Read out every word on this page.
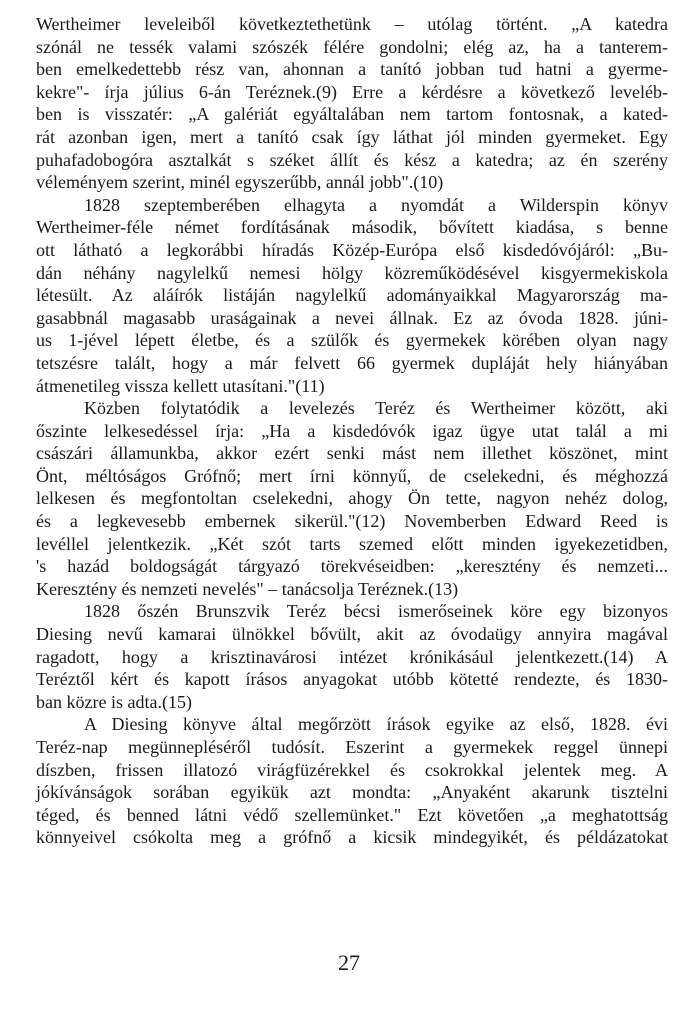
Wertheimer leveleiből következtethetünk – utólag történt. „A katedra
szónál ne tessék valami szószék félére gondolni; elég az, ha a tanterem-
ben emelkedettebb rész van, ahonnan a tanító jobban tud hatni a gyerme-
kekre"- írja július 6-án Teréznek.(9) Erre a kérdésre a következő leveléb-
ben is visszatér: „A galériát egyáltalában nem tartom fontosnak, a kated-
rát azonban igen, mert a tanító csak így láthat jól minden gyermeket. Egy
puhafadobogóra asztalkát s széket állít és kész a katedra; az én szerény
véleményem szerint, minél egyszerűbb, annál jobb".(10)
1828 szeptemberében elhagyta a nyomdát a Wilderspin könyv
Wertheimer-féle német fordításának második, bővített kiadása, s benne
ott látható a legkorábbi híradás Közép-Európa első kisdedóvójáról: „Bu-
dán néhány nagylelkű nemesi hölgy közreműködésével kisgyermekiskola
létesült. Az aláírók listáján nagylelkű adományaikkal Magyarország ma-
gasabbnál magasabb uraságainak a nevei állnak. Ez az óvoda 1828. júni-
us 1-jével lépett életbe, és a szülők és gyermekek körében olyan nagy
tetszésre talált, hogy a már felvett 66 gyermek dupláját hely hiányában
átmenetileg vissza kellett utasítani."(11)
Közben folytatódik a levelezés Teréz és Wertheimer között, aki
őszinte lelkesedéssel írja: „Ha a kisdedóvók igaz ügye utat talál a mi
császári államunkba, akkor ezért senki mást nem illethet köszönet, mint
Önt, méltóságos Grófnő; mert írni könnyű, de cselekedni, és méghozzá
lelkesen és megfontoltan cselekedni, ahogy Ön tette, nagyon nehéz dolog,
és a legkevesebb embernek sikerül."(12) Novemberben Edward Reed is
levéllel jelentkezik. „Két szót tarts szemed előtt minden igyekezetidben,
's hazád boldogságát tárgyazó törekvéseidben: „keresztény és nemzeti...
Keresztény és nemzeti nevelés" – tanácsolja Teréznek.(13)
1828 őszén Brunszvik Teréz bécsi ismerőseinek köre egy bizonyos
Diesing nevű kamarai ülnökkel bővült, akit az óvodaügy annyira magával
ragadott, hogy a krisztinavárosi intézet krónikásául jelentkezett.(14) A
Teréztől kért és kapott írásos anyagokat utóbb kötetté rendezte, és 1830-
ban közre is adta.(15)
A Diesing könyve által megőrzött írások egyike az első, 1828. évi
Teréz-nap megünnepléséről tudósít. Eszerint a gyermekek reggel ünnepi
díszben, frissen illatozó virágfüzérekkel és csokrokkal jelentek meg. A
jókívánságok sorában egyikük azt mondta: „Anyaként akarunk tisztelni
téged, és benned látni védő szellemünket." Ezt követően „a meghatottság
könnyeivel csókolta meg a grófnő a kicsik mindegyikét, és példázatokat
27
